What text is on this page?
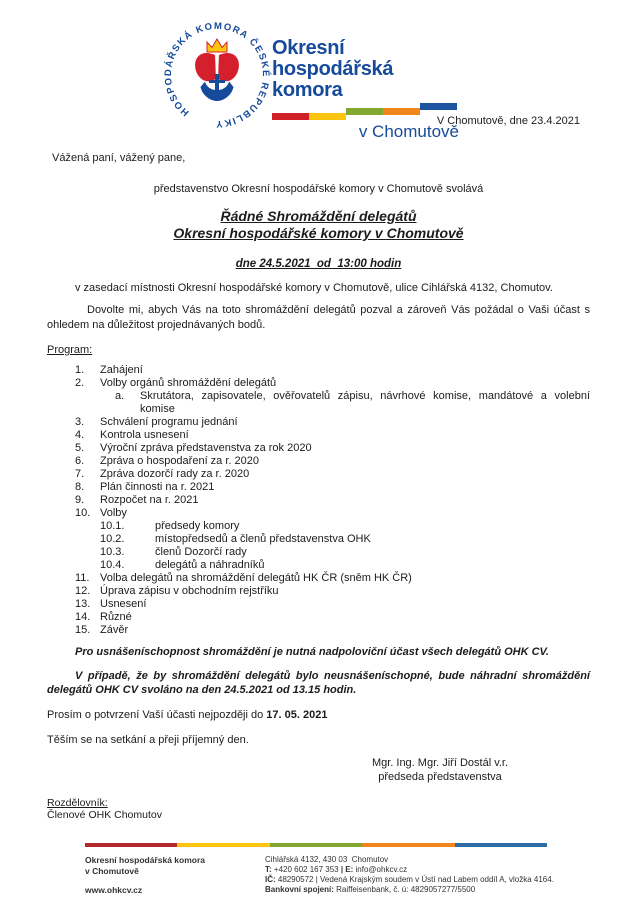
HOSPODÁŘSKÁ KOMORA ČESKÉ REPUBLIKY
Okresní hospodářská
komora
v Chomutově
V Chomutově, dne 23.4.2021
Vážená paní, vážený pane,
představenstvo Okresní hospodářské komory v Chomutově svolává
Řádné Shromáždění delegátů
Okresní hospodářské komory v Chomutově
dne 24.5.2021  od  13:00 hodin
v zasedací místnosti Okresní hospodářské komory v Chomutově, ulice Cihlářská 4132, Chomutov.
Dovolte mi, abych Vás na toto shromáždění delegátů pozval a zároveň Vás požádal o Vaši účast s ohledem na důležitost projednávaných bodů.
Program:
1.	Zahájení
2.	Volby orgánů shromáždění delegátů
a.	Skrutátora, zapisovatele, ověřovatelů zápisu, návrhové komise, mandátové a volební komise
3.	Schválení programu jednání
4.	Kontrola usnesení
5.	Výroční zpráva představenstva za rok 2020
6.	Zpráva o hospodaření za r. 2020
7.	Zpráva dozorčí rady za r. 2020
8.	Plán činnosti na r. 2021
9.	Rozpočet na r. 2021
10. Volby
10.1.	předsedy komory
10.2.	místopředsedů a členů představenstva OHK
10.3.	členů Dozorčí rady
10.4.	delegátů a náhradníků
11. Volba delegátů na shromáždění delegátů HK ČR (sněm HK ČR)
12. Úprava zápisu v obchodním rejstříku
13. Usnesení
14. Různé
15. Závěr
Pro usnášeníschopnost shromáždění je nutná nadpoloviční účast všech delegátů OHK CV.
V případě, že by shromáždění delegátů bylo neusnášeníschopné, bude náhradní shromáždění delegátů OHK CV svoláno na den 24.5.2021 od 13.15 hodin.
Prosím o potvrzení Vaší účasti nejpozději do 17. 05. 2021
Těším se na setkání a přeji příjemný den.
Mgr. Ing. Mgr. Jiří Dostál v.r.
předseda představenstva
Rozdělovník:
Členové OHK Chomutov
Okresní hospodářská komora
v Chomutově
www.ohkcv.cz
Cihlářská 4132, 430 03  Chomutov
T: +420 602 167 353 | E: info@ohkcv.cz
IČ: 48290572 | Vedená Krajským soudem v Ústí nad Labem oddíl A, vložka 4164.
Bankovní spojení: Raiffeisenbank, č. ú: 4829057277/5500
